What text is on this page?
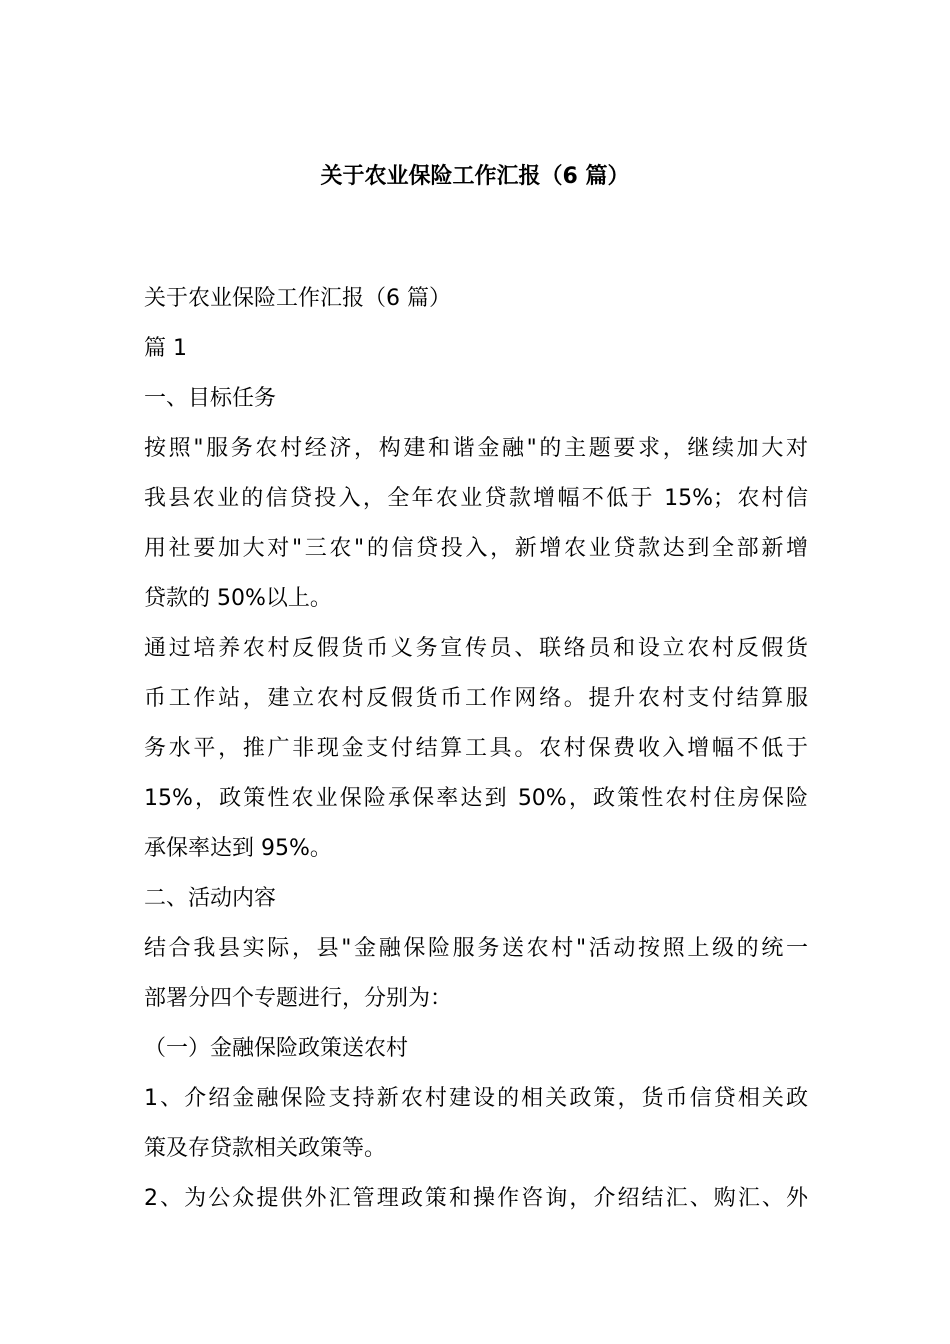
关于农业保险工作汇报（6 篇）

关于农业保险工作汇报（6 篇）

篇 1

一、目标任务

按照"服务农村经济，构建和谐金融"的主题要求，继续加大对

我县农业的信贷投入，全年农业贷款增幅不低于 15%；农村信

用社要加大对"三农"的信贷投入，新增农业贷款达到全部新增

贷款的 50%以上。

通过培养农村反假货币义务宣传员、联络员和设立农村反假货

币工作站，建立农村反假货币工作网络。提升农村支付结算服

务水平，推广非现金支付结算工具。农村保费收入增幅不低于

15%，政策性农业保险承保率达到 50%，政策性农村住房保险

承保率达到 95%。

二、活动内容

结合我县实际，县"金融保险服务送农村"活动按照上级的统一

部署分四个专题进行，分别为：

（一）金融保险政策送农村

1、介绍金融保险支持新农村建设的相关政策，货币信贷相关政

策及存贷款相关政策等。

2、为公众提供外汇管理政策和操作咨询，介绍结汇、购汇、外
